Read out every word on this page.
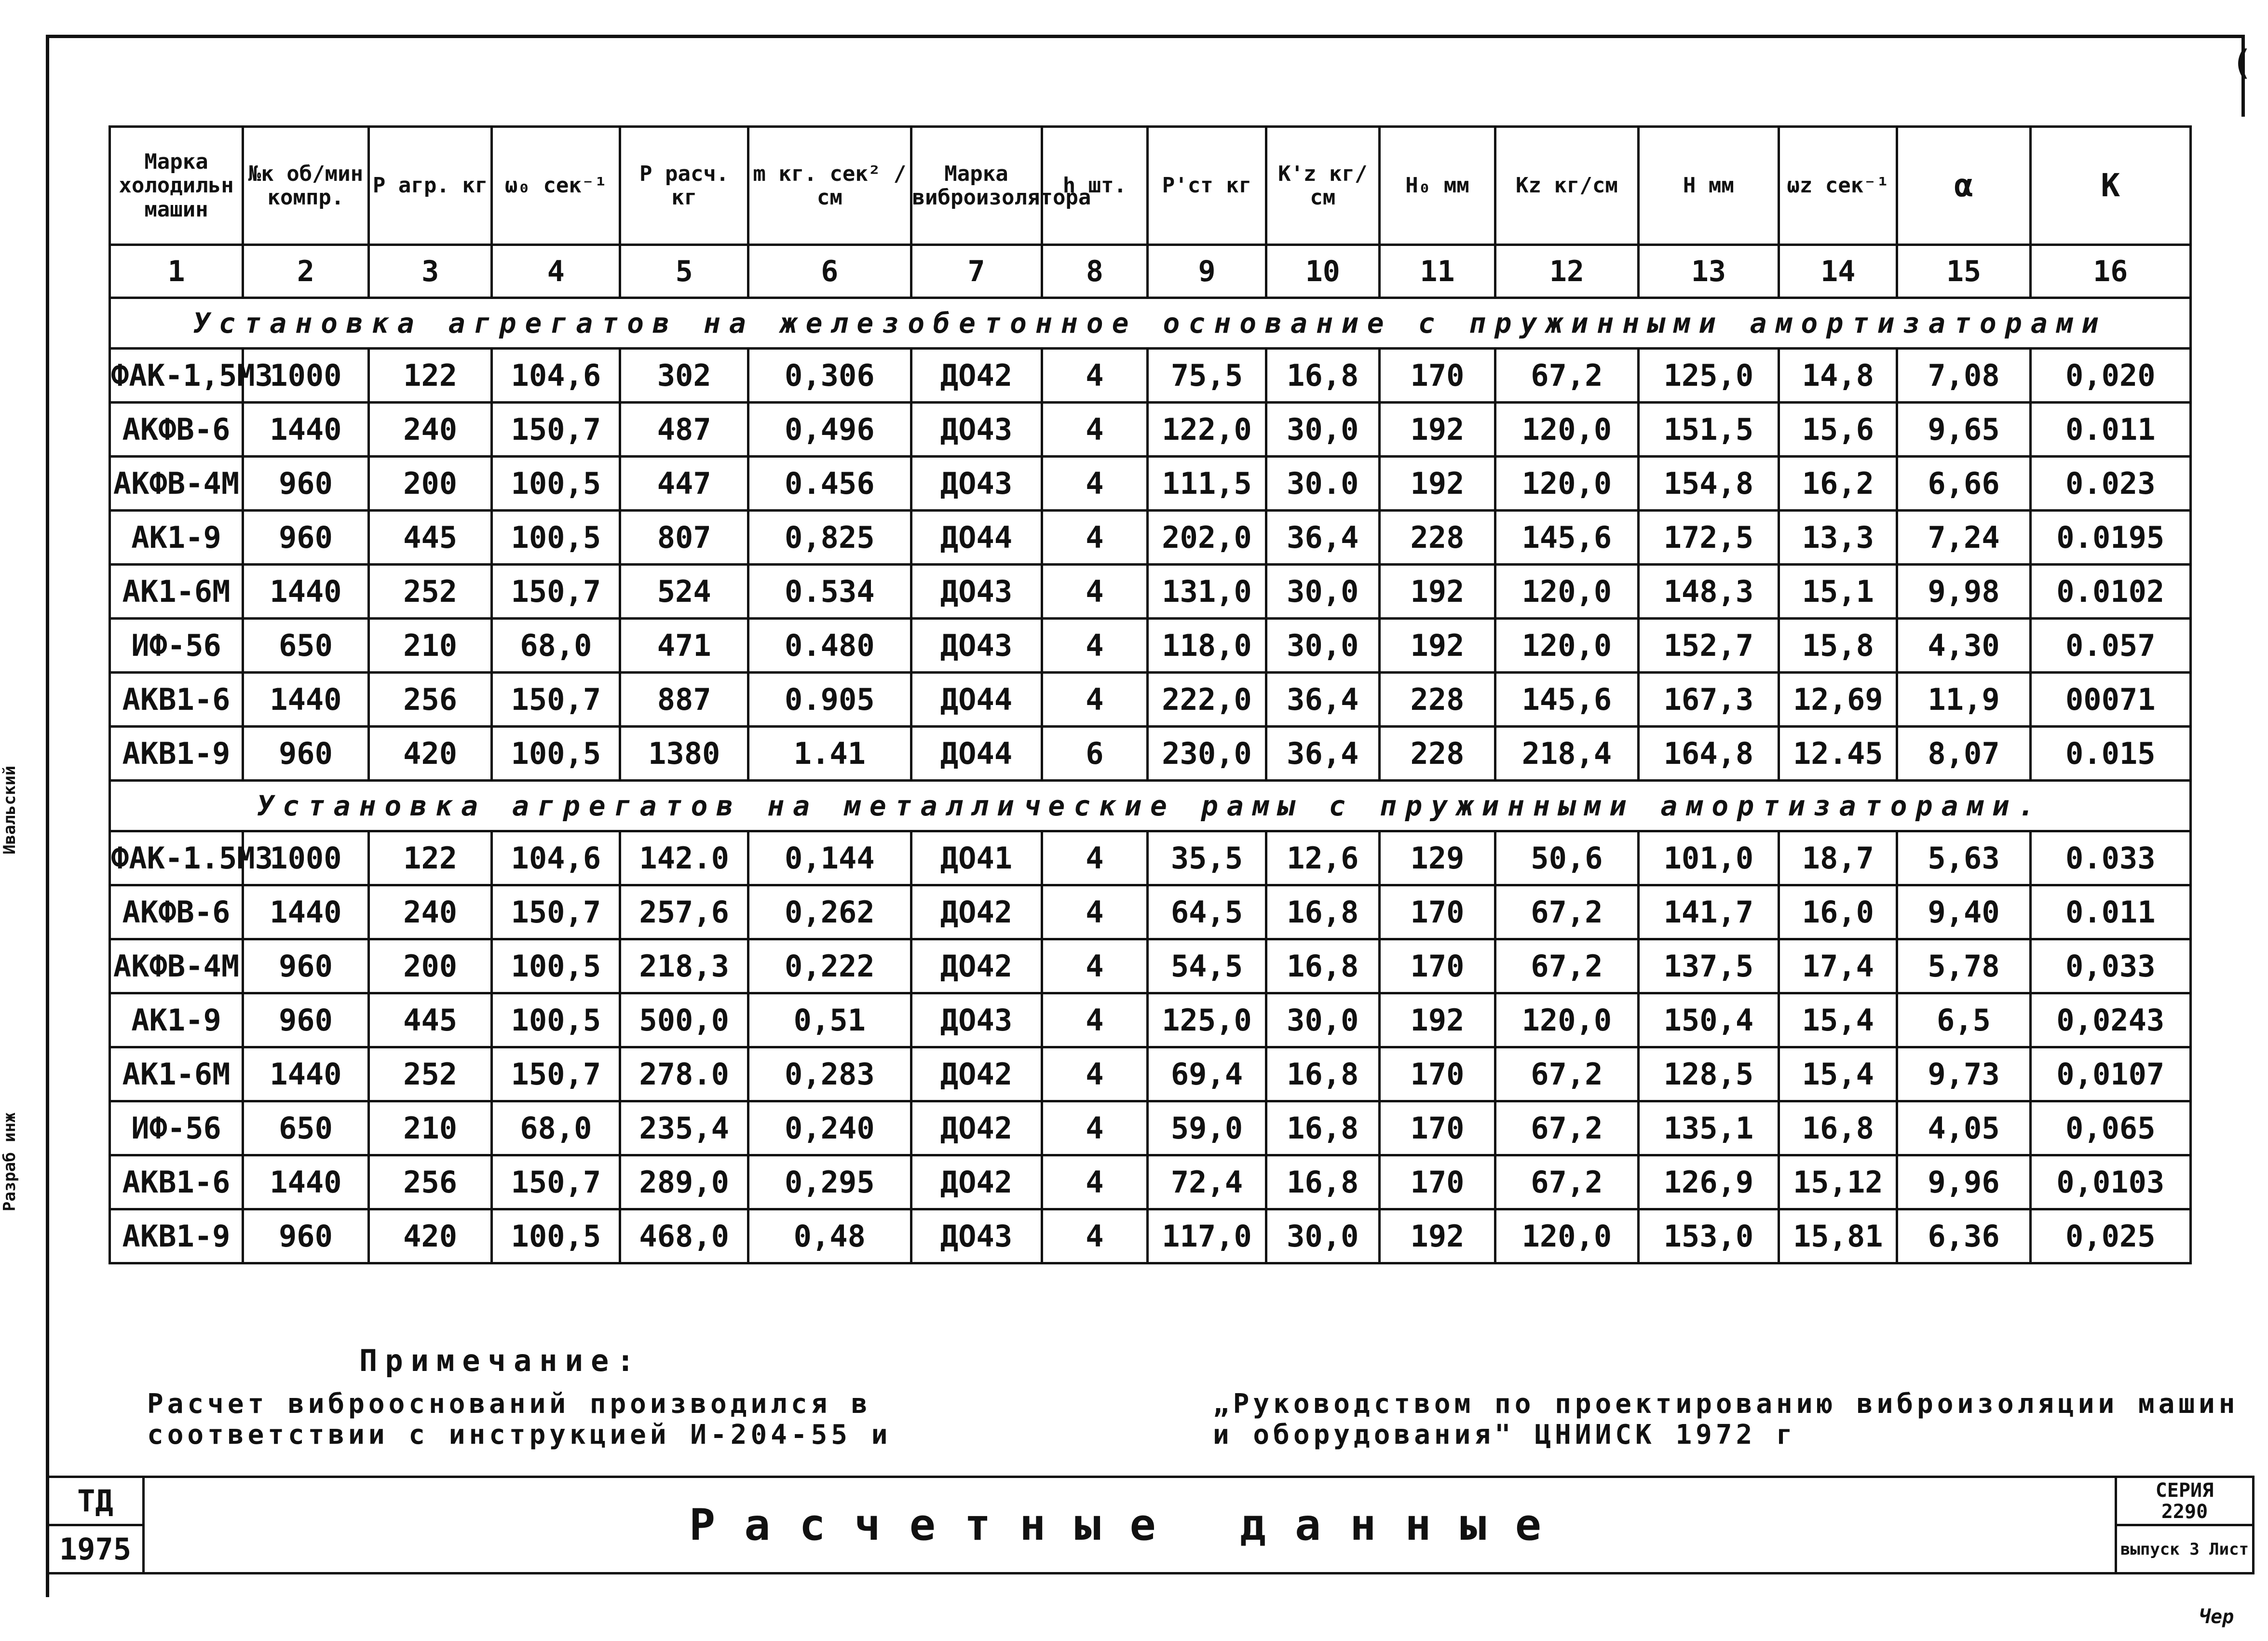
(
Ивальский
Разраб инж
Марка холодильн машин	№к об/мин компр.	Р агр. кг	ω₀ сек⁻¹	Р расч. кг	m кг. сек² / см	Марка виброизолятора	h шт.	Р'ст кг	К'z кг/см	Н₀ мм	Кz кг/см	Н мм	ωz сек⁻¹	α	К
1	2	3	4	5	6	7	8	9	10	11	12	13	14	15	16
Установка агрегатов на железобетонное основание с пружинными амортизаторами															
ФАК-1,5МЗ	1000	122	104,6	302	0,306	ДО42	4	75,5	16,8	170	67,2	125,0	14,8	7,08	0,020
АКФВ-6	1440	240	150,7	487	0,496	ДО43	4	122,0	30,0	192	120,0	151,5	15,6	9,65	0.011
АКФВ-4М	960	200	100,5	447	0.456	ДО43	4	111,5	30.0	192	120,0	154,8	16,2	6,66	0.023
АК1-9	960	445	100,5	807	0,825	ДО44	4	202,0	36,4	228	145,6	172,5	13,3	7,24	0.0195
АК1-6М	1440	252	150,7	524	0.534	ДО43	4	131,0	30,0	192	120,0	148,3	15,1	9,98	0.0102
ИФ-56	650	210	68,0	471	0.480	ДО43	4	118,0	30,0	192	120,0	152,7	15,8	4,30	0.057
АКВ1-6	1440	256	150,7	887	0.905	ДО44	4	222,0	36,4	228	145,6	167,3	12,69	11,9	00071
АКВ1-9	960	420	100,5	1380	1.41	ДО44	6	230,0	36,4	228	218,4	164,8	12.45	8,07	0.015
Установка агрегатов на металлические рамы с пружинными амортизаторами.															
ФАК-1.5МЗ	1000	122	104,6	142.0	0,144	ДО41	4	35,5	12,6	129	50,6	101,0	18,7	5,63	0.033
АКФВ-6	1440	240	150,7	257,6	0,262	ДО42	4	64,5	16,8	170	67,2	141,7	16,0	9,40	0.011
АКФВ-4М	960	200	100,5	218,3	0,222	ДО42	4	54,5	16,8	170	67,2	137,5	17,4	5,78	0,033
АК1-9	960	445	100,5	500,0	0,51	ДО43	4	125,0	30,0	192	120,0	150,4	15,4	6,5	0,0243
АК1-6М	1440	252	150,7	278.0	0,283	ДО42	4	69,4	16,8	170	67,2	128,5	15,4	9,73	0,0107
ИФ-56	650	210	68,0	235,4	0,240	ДО42	4	59,0	16,8	170	67,2	135,1	16,8	4,05	0,065
АКВ1-6	1440	256	150,7	289,0	0,295	ДО42	4	72,4	16,8	170	67,2	126,9	15,12	9,96	0,0103
АКВ1-9	960	420	100,5	468,0	0,48	ДО43	4	117,0	30,0	192	120,0	153,0	15,81	6,36	0,025
Примечание:
Расчет виброоснований производился в соответствии с инструкцией И-204-55 и
„Руководством по проектированию виброизоляции машин и оборудования" ЦНИИСК 1972 г
ТД	Расчетные данные	СЕРИЯ
2290

1975		выпуск 3 Лист
Чер
